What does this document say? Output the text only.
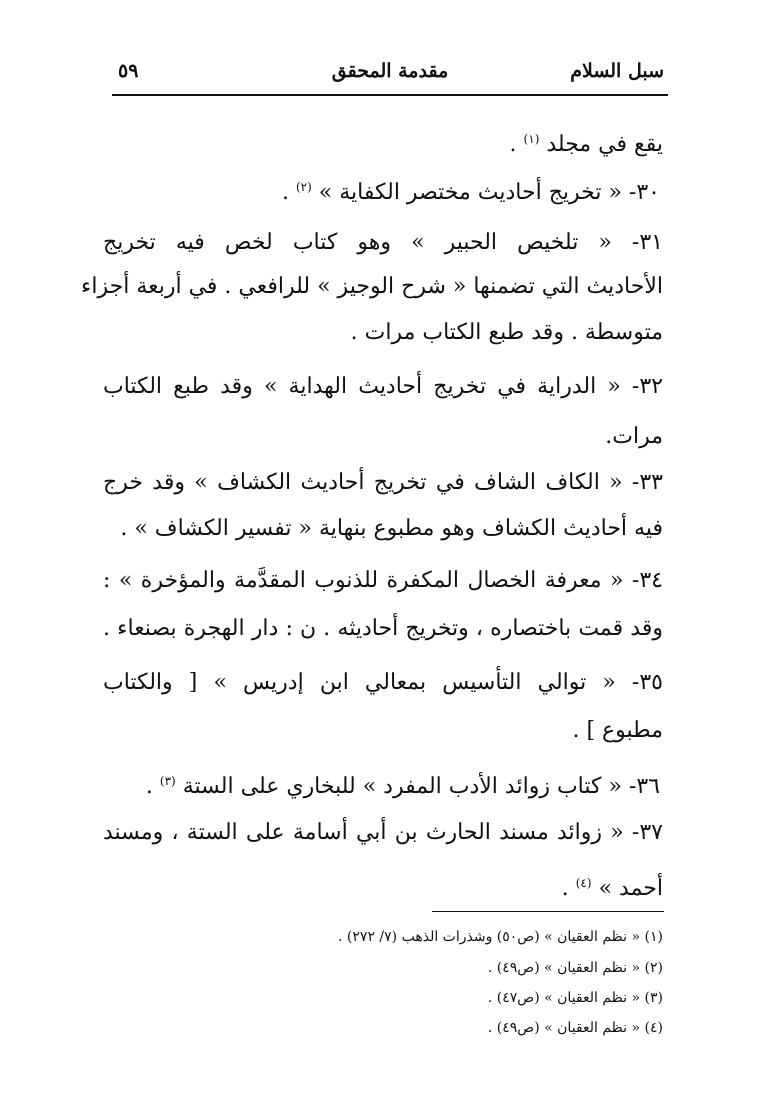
سبل السلام
مقدمة المحقق
٥٩
يقع في مجلد $^{(١)}$ .
٣٠- « تخريج أحاديث مختصر الكفاية » $^{(٢)}$ .
٣١- « تلخيص الحبير » وهو كتاب لخص فيه تخريج
الأحاديث التي تضمنها « شرح الوجيز » للرافعي . في أربعة أجزاء
متوسطة . وقد طبع الكتاب مرات .
٣٢- « الدراية في تخريج أحاديث الهداية » وقد طبع الكتاب
مرات.
٣٣- « الكاف الشاف في تخريج أحاديث الكشاف » وقد خرج
فيه أحاديث الكشاف وهو مطبوع بنهاية « تفسير الكشاف » .
٣٤- « معرفة الخصال المكفرة للذنوب المقدَّمة والمؤخرة » :
وقد قمت باختصاره ، وتخريج أحاديثه . ن : دار الهجرة بصنعاء .
٣٥- « توالي التأسيس بمعالي ابن إدريس » [ والكتاب
مطبوع ] .
٣٦- « كتاب زوائد الأدب المفرد » للبخاري على الستة $^{(٣)}$ .
٣٧- « زوائد مسند الحارث بن أبي أسامة على الستة ، ومسند
أحمد » $^{(٤)}$ .
(١) « نظم العقيان » (ص٥٠) وشذرات الذهب (٧/ ٢٧٢) .
(٢) « نظم العقيان » (ص٤٩) .
(٣) « نظم العقيان » (ص٤٧) .
(٤) « نظم العقيان » (ص٤٩) .
